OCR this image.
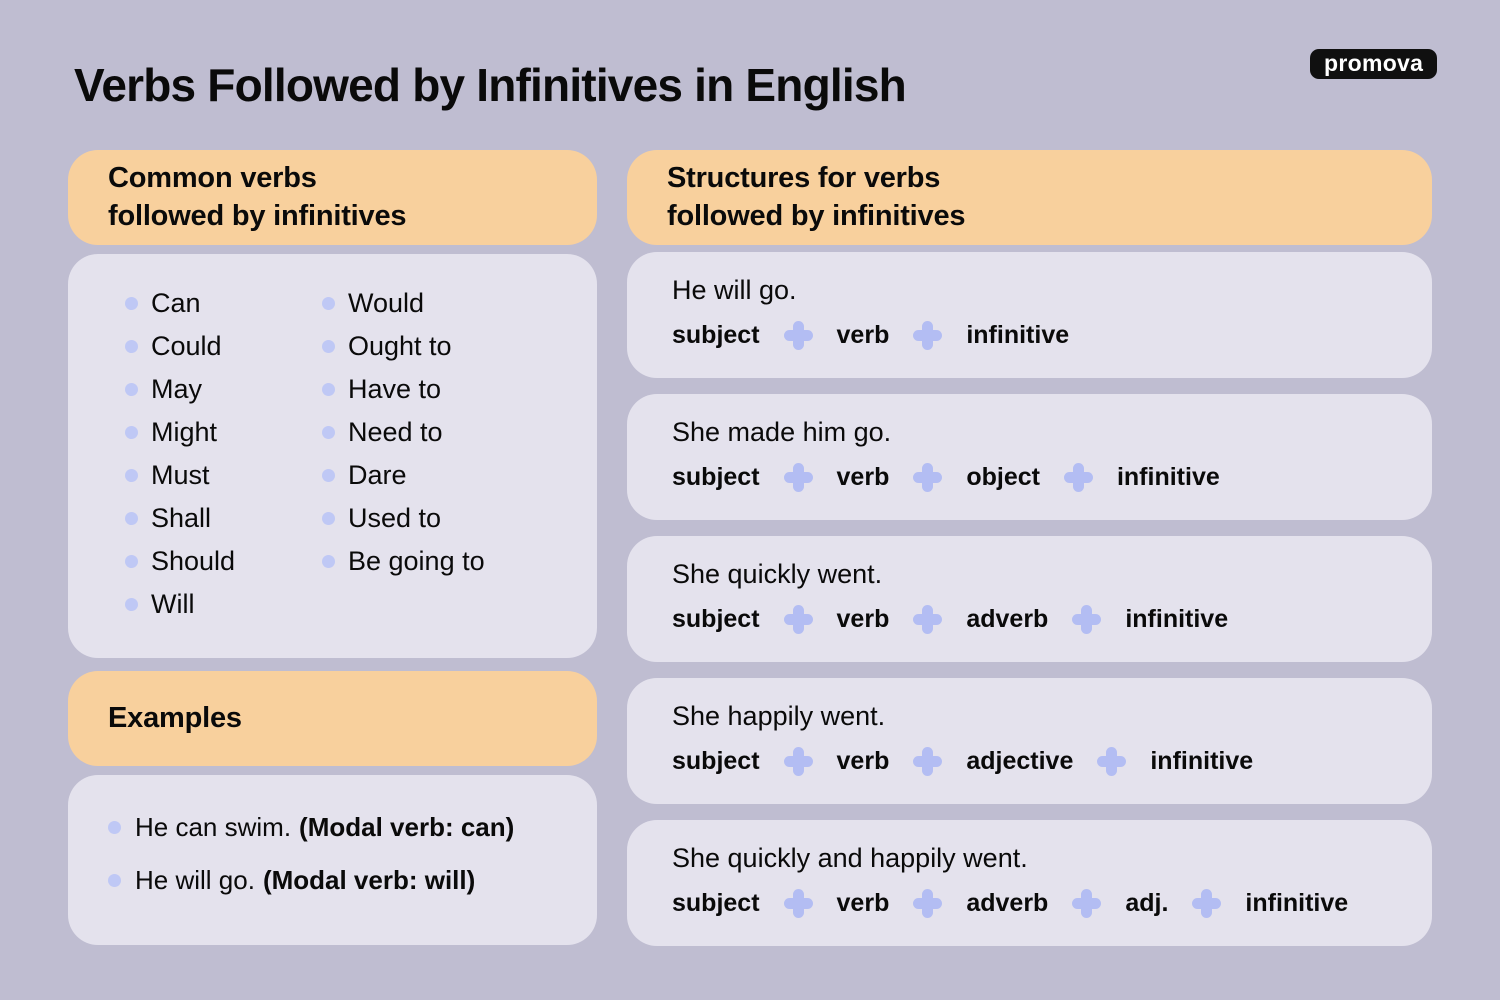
Verbs Followed by Infinitives in English	promova
Common verbs
followed by infinitives
Can
Could
May
Might
Must
Shall
Should
Will
Would
Ought to
Have to
Need to
Dare
Used to
Be going to
Examples
He can swim. (Modal verb: can)
He will go. (Modal verb: will)
Structures for verbs
followed by infinitives
He will go.
subject	verb	infinitive
She made him go.
subject	verb	object	infinitive
She quickly went.
subject	verb	adverb	infinitive
She happily went.
subject	verb	adjective	infinitive
She quickly and happily went.
subject	verb	adverb	adj.	infinitive
